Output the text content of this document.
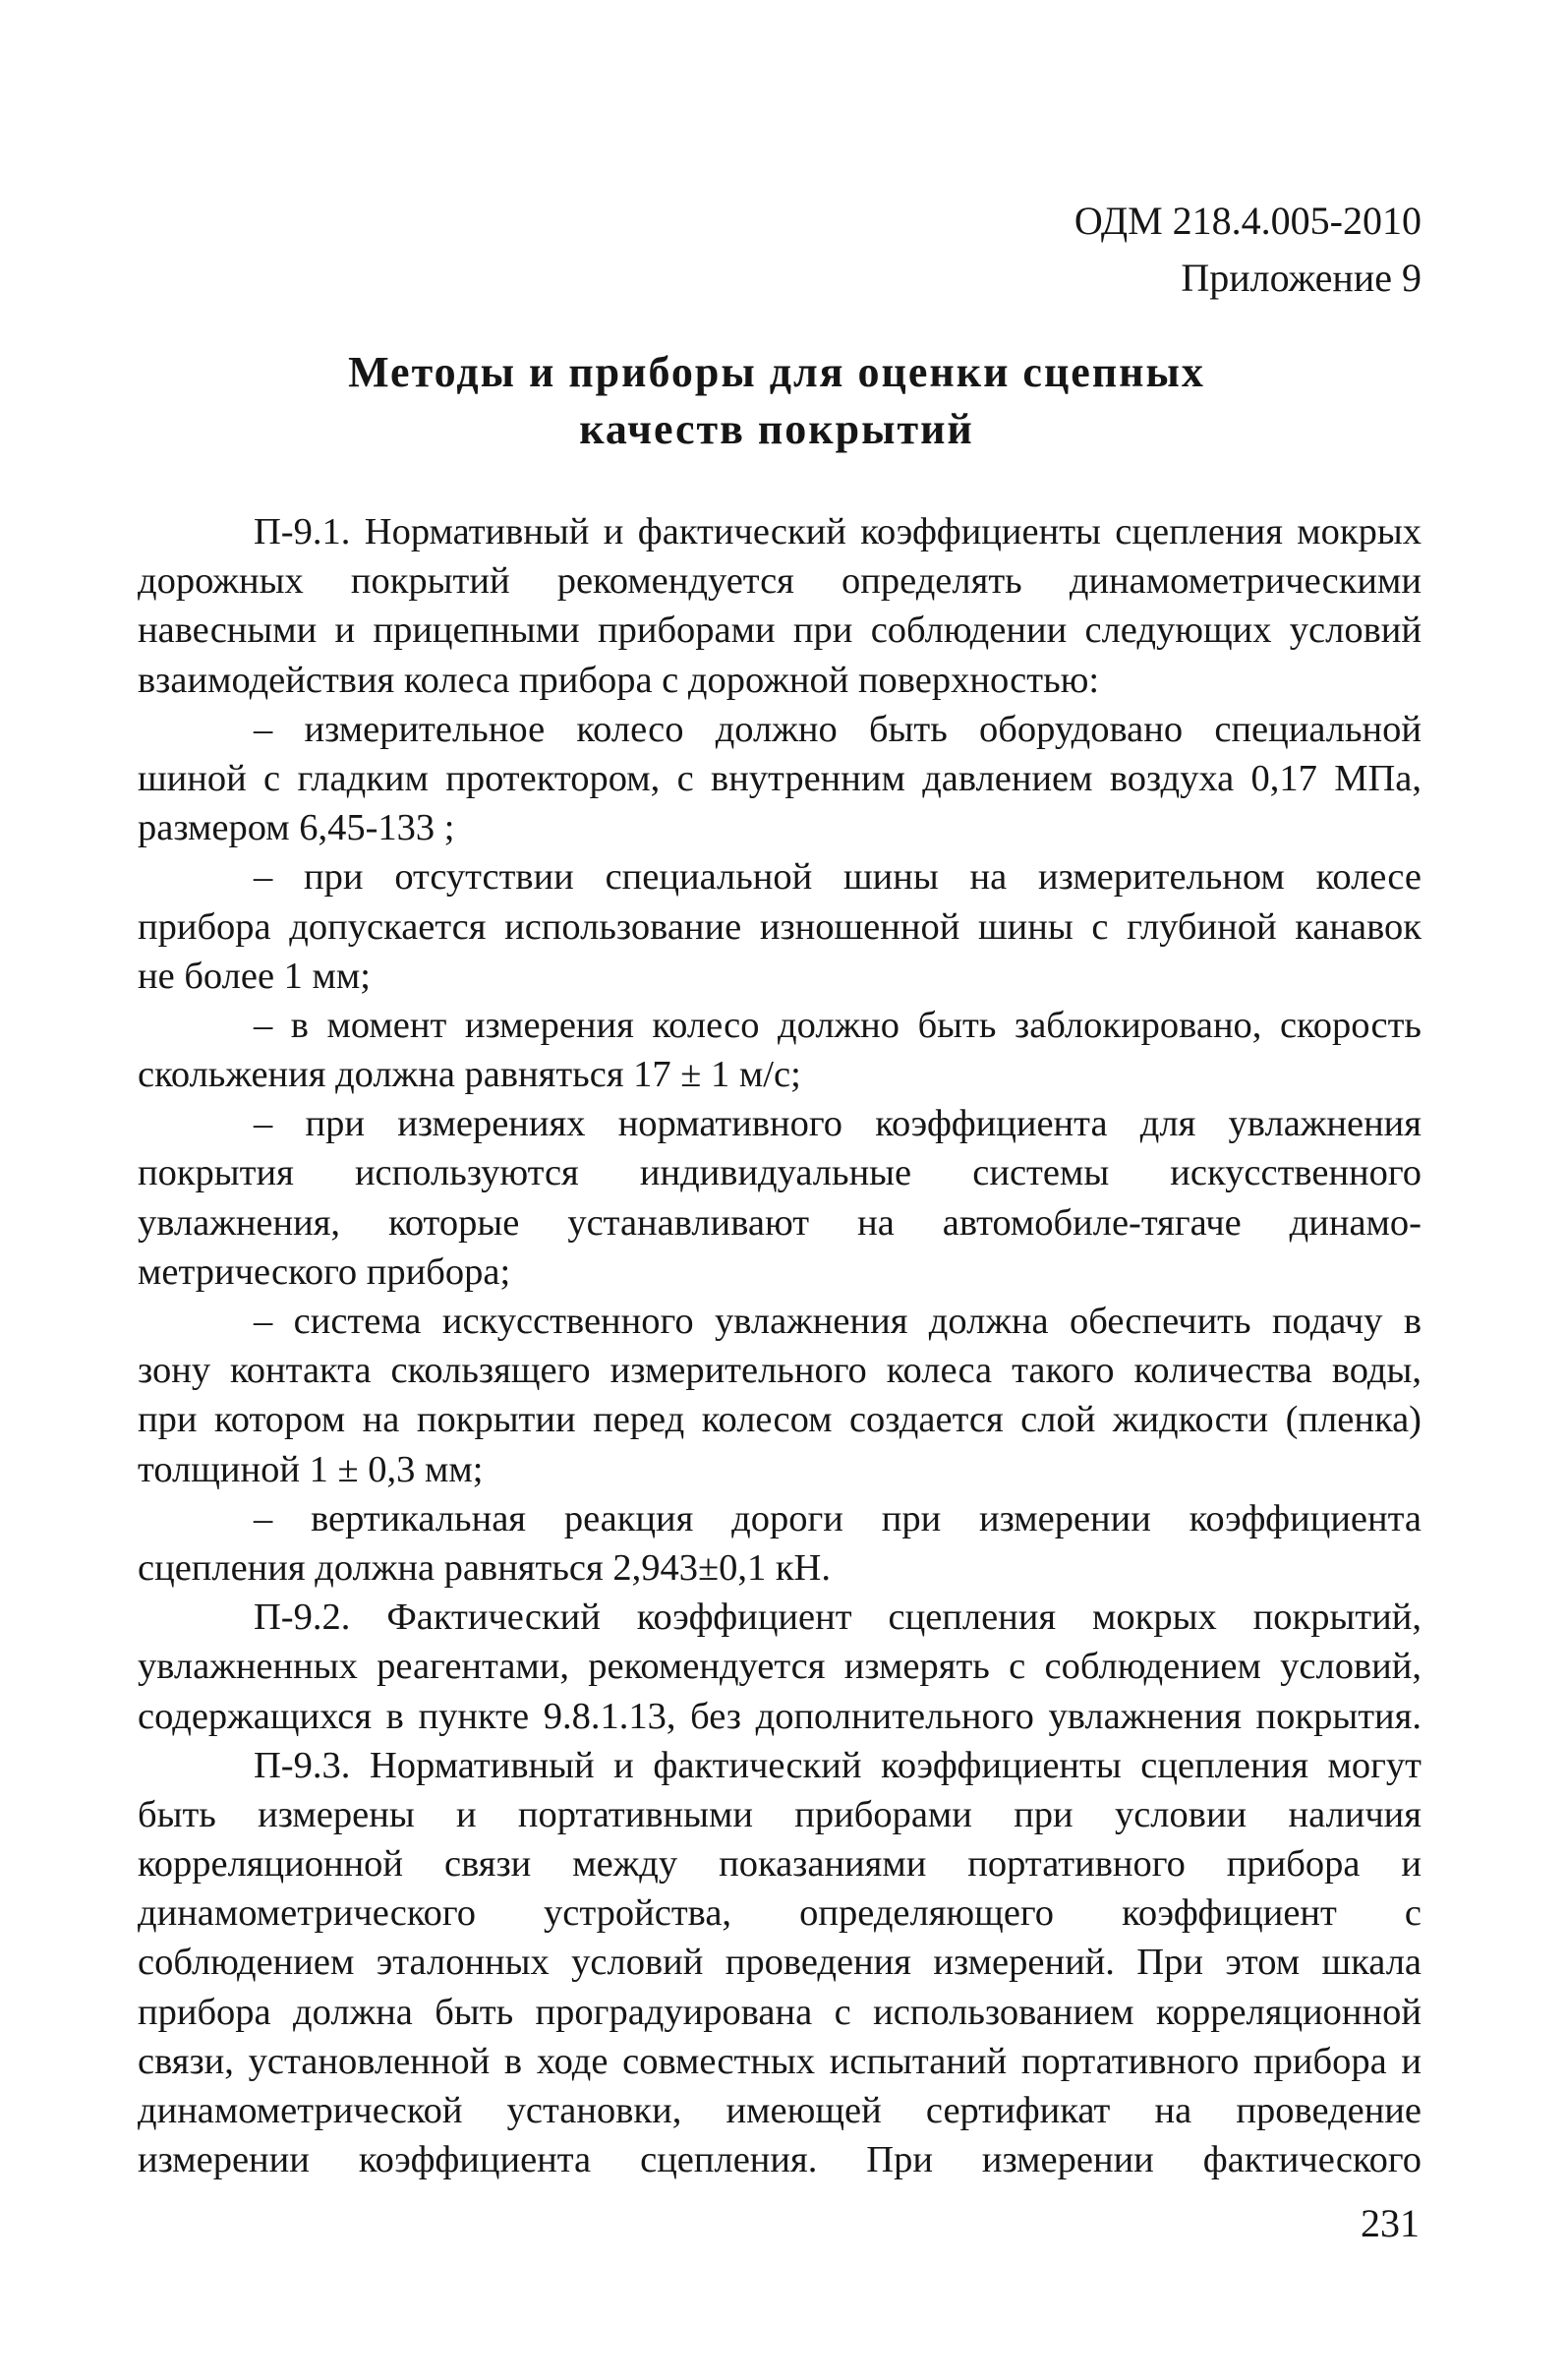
ОДМ 218.4.005-2010
Приложение 9
Методы и приборы для оценки сцепных
качеств покрытий
П-9.1. Нормативный и фактический коэффициенты сцепления мокрых
дорожных покрытий рекомендуется определять динамометрическими
навесными и прицепными приборами при соблюдении следующих условий
взаимодействия колеса прибора с дорожной поверхностью:
– измерительное колесо должно быть оборудовано специальной
шиной с гладким протектором, с внутренним давлением воздуха 0,17 МПа,
размером 6,45-133 ;
– при отсутствии специальной шины на измерительном колесе
прибора допускается использование изношенной шины с глубиной канавок
не более 1 мм;
– в момент измерения колесо должно быть заблокировано, скорость
скольжения должна равняться 17 ± 1 м/с;
– при измерениях нормативного коэффициента для увлажнения
покрытия используются индивидуальные системы искусственного
увлажнения, которые устанавливают на автомобиле-тягаче динамо-
метрического прибора;
– система искусственного увлажнения должна обеспечить подачу в
зону контакта скользящего измерительного колеса такого количества воды,
при котором на покрытии перед колесом создается слой жидкости (пленка)
толщиной 1 ± 0,3 мм;
– вертикальная реакция дороги при измерении коэффициента
сцепления должна равняться 2,943±0,1 кН.
П-9.2. Фактический коэффициент сцепления мокрых покрытий,
увлажненных реагентами, рекомендуется измерять с соблюдением условий,
содержащихся в пункте 9.8.1.13, без дополнительного увлажнения покрытия.
П-9.3. Нормативный и фактический коэффициенты сцепления могут
быть измерены и портативными приборами при условии наличия
корреляционной связи между показаниями портативного прибора и
динамометрического устройства, определяющего коэффициент с
соблюдением эталонных условий проведения измерений. При этом шкала
прибора должна быть проградуирована с использованием корреляционной
связи, установленной в ходе совместных испытаний портативного прибора и
динамометрической установки, имеющей сертификат на проведение
измерении коэффициента сцепления. При измерении фактического
231
